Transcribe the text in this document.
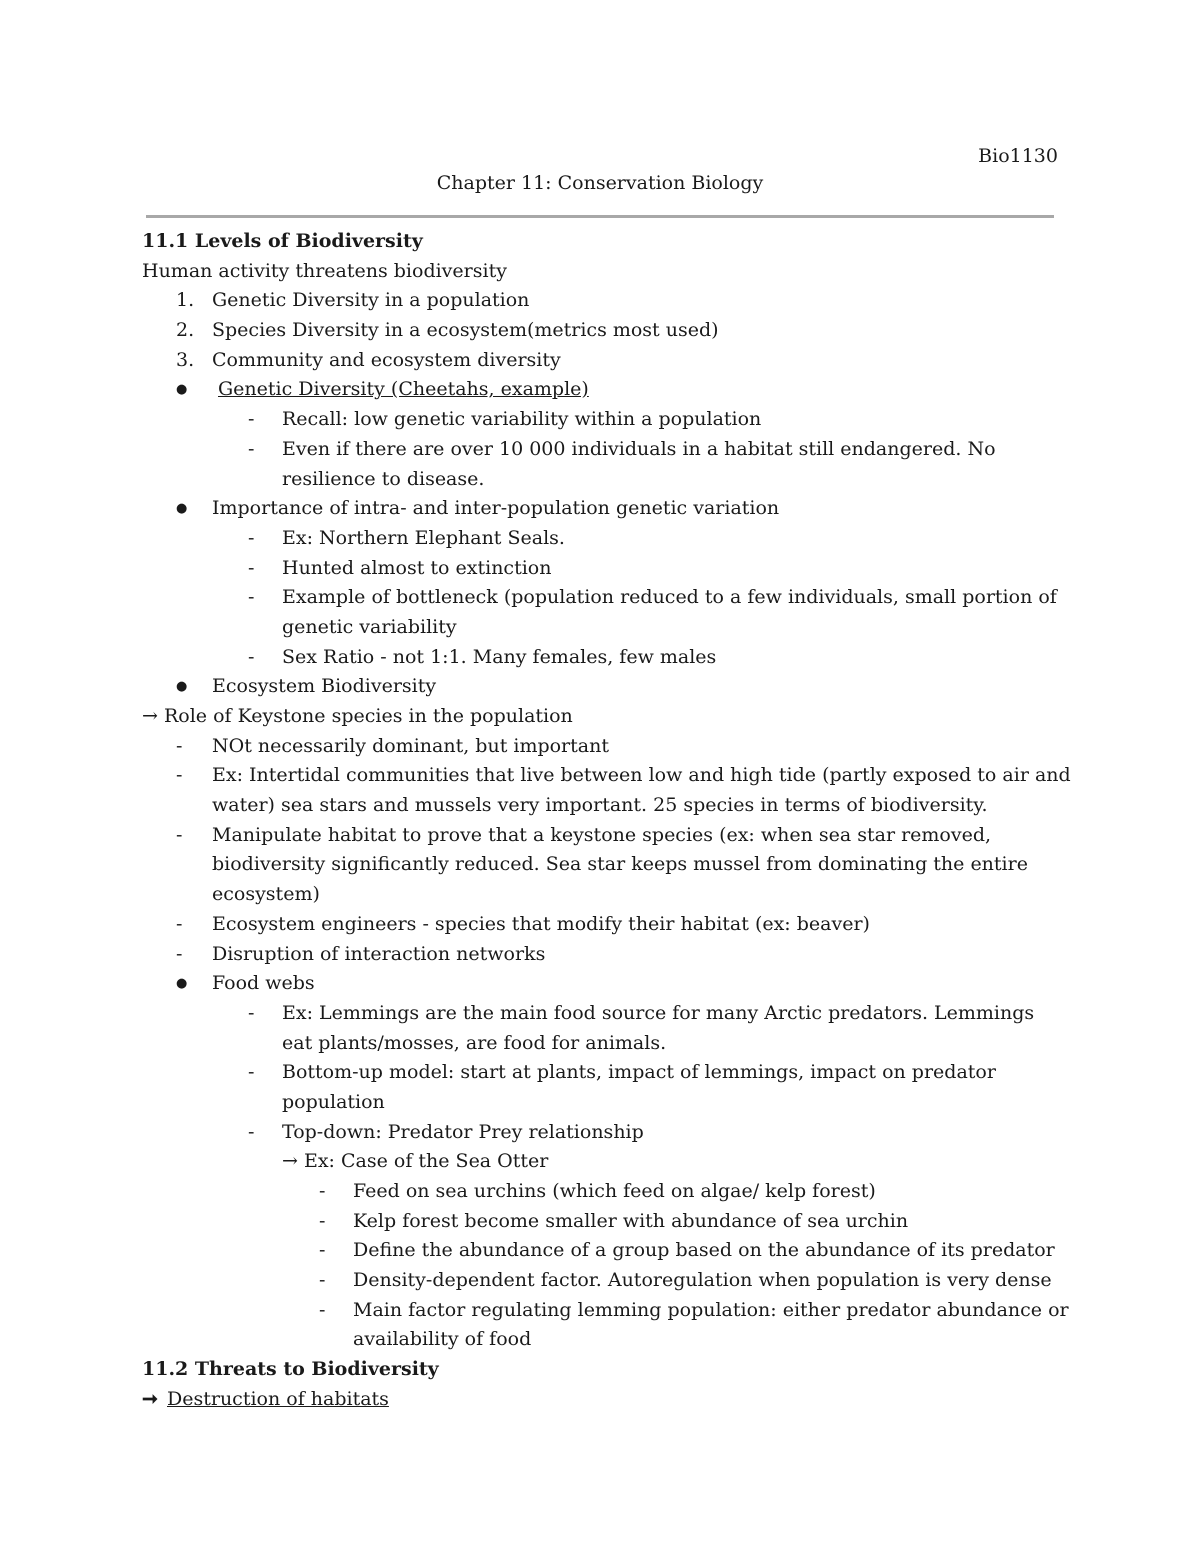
Bio1130
Chapter 11: Conservation Biology
11.1 Levels of Biodiversity
Human activity threatens biodiversity
1. Genetic Diversity in a population
2. Species Diversity in a ecosystem(metrics most used)
3. Community and ecosystem diversity
● Genetic Diversity (Cheetahs, example)
- Recall: low genetic variability within a population
- Even if there are over 10 000 individuals in a habitat still endangered. No
resilience to disease.
● Importance of intra- and inter-population genetic variation
- Ex: Northern Elephant Seals.
- Hunted almost to extinction
- Example of bottleneck (population reduced to a few individuals, small portion of
genetic variability
- Sex Ratio - not 1:1. Many females, few males
● Ecosystem Biodiversity
→ Role of Keystone species in the population
- NOt necessarily dominant, but important
- Ex: Intertidal communities that live between low and high tide (partly exposed to air and
water) sea stars and mussels very important. 25 species in terms of biodiversity.
- Manipulate habitat to prove that a keystone species (ex: when sea star removed,
biodiversity significantly reduced. Sea star keeps mussel from dominating the entire
ecosystem)
- Ecosystem engineers - species that modify their habitat (ex: beaver)
- Disruption of interaction networks
● Food webs
- Ex: Lemmings are the main food source for many Arctic predators. Lemmings
eat plants/mosses, are food for animals.
- Bottom-up model: start at plants, impact of lemmings, impact on predator
population
- Top-down: Predator Prey relationship
→ Ex: Case of the Sea Otter
- Feed on sea urchins (which feed on algae/ kelp forest)
- Kelp forest become smaller with abundance of sea urchin
- Define the abundance of a group based on the abundance of its predator
- Density-dependent factor. Autoregulation when population is very dense
- Main factor regulating lemming population: either predator abundance or
availability of food
11.2 Threats to Biodiversity
➞ Destruction of habitats
